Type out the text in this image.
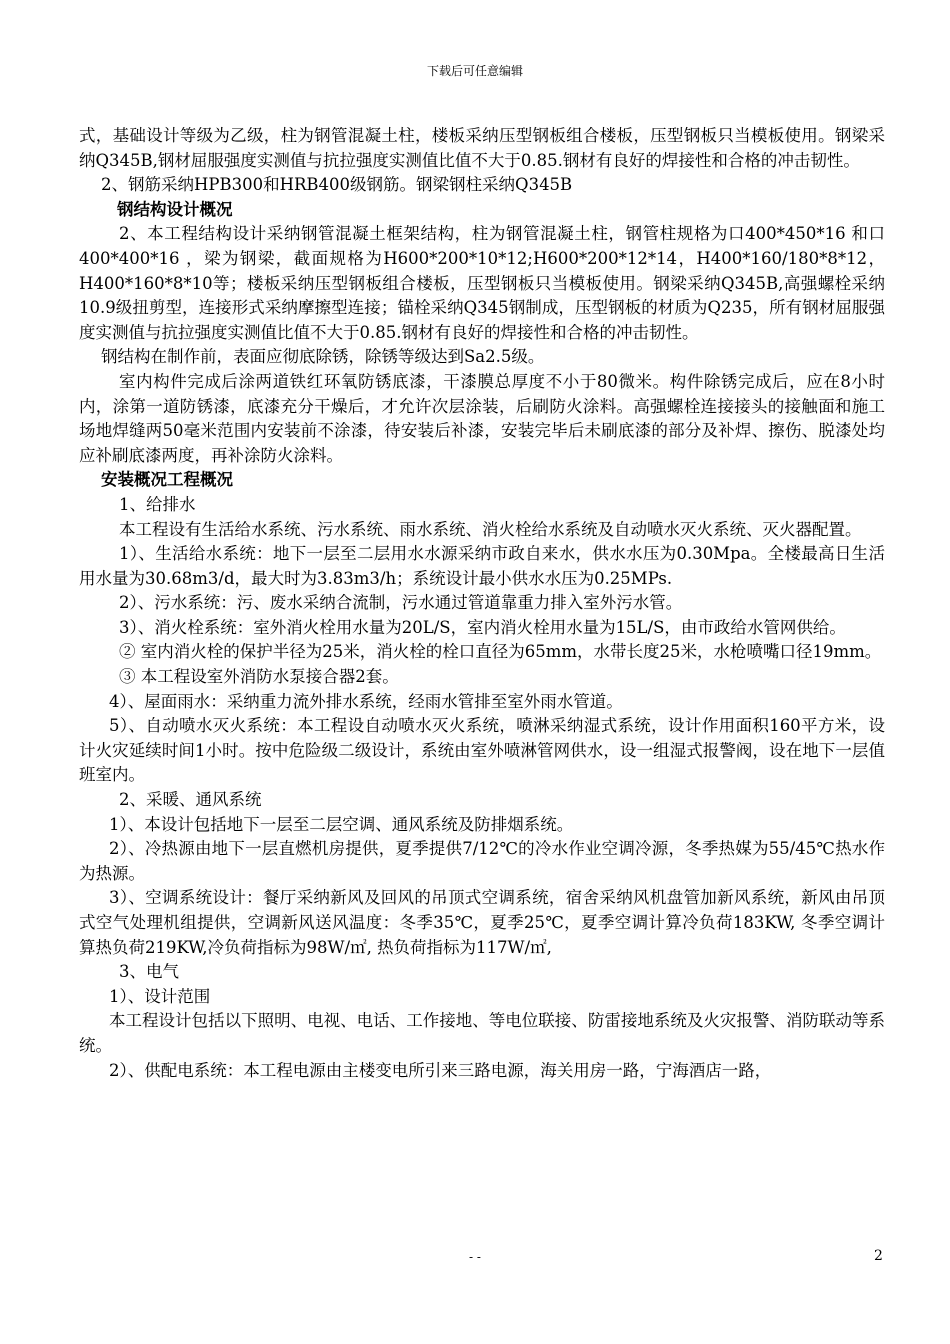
下载后可任意编辑

式，基础设计等级为乙级，柱为钢管混凝土柱，楼板采纳压型钢板组合楼板，压型钢板只当模板使用。钢梁采纳Q345B,钢材屈服强度实测值与抗拉强度实测值比值不大于0.85.钢材有良好的焊接性和合格的冲击韧性。

2、钢筋采纳HPB300和HRB400级钢筋。钢梁钢柱采纳Q345B

钢结构设计概况

2、本工程结构设计采纳钢管混凝土框架结构，柱为钢管混凝土柱，钢管柱规格为口400*450*16 和口 400*400*16 ，梁为钢梁，截面规格为H600*200*10*12;H600*200*12*14，H400*160/180*8*12，H400*160*8*10等；楼板采纳压型钢板组合楼板，压型钢板只当模板使用。钢梁采纳Q345B,高强螺栓采纳10.9级扭剪型，连接形式采纳摩擦型连接；锚栓采纳Q345钢制成，压型钢板的材质为Q235，所有钢材屈服强度实测值与抗拉强度实测值比值不大于0.85.钢材有良好的焊接性和合格的冲击韧性。

钢结构在制作前，表面应彻底除锈，除锈等级达到Sa2.5级。

室内构件完成后涂两道铁红环氧防锈底漆，干漆膜总厚度不小于80微米。构件除锈完成后，应在8小时内，涂第一道防锈漆，底漆充分干燥后，才允许次层涂装，后刷防火涂料。高强螺栓连接接头的接触面和施工场地焊缝两50毫米范围内安装前不涂漆，待安装后补漆，安装完毕后未刷底漆的部分及补焊、擦伤、脱漆处均应补刷底漆两度，再补涂防火涂料。

安装概况工程概况

1、给排水

本工程设有生活给水系统、污水系统、雨水系统、消火栓给水系统及自动喷水灭火系统、灭火器配置。

1）、生活给水系统：地下一层至二层用水水源采纳市政自来水，供水水压为0.30Mpa。全楼最高日生活用水量为30.68m3/d，最大时为3.83m3/h；系统设计最小供水水压为0.25MPs.

2）、污水系统：污、废水采纳合流制，污水通过管道靠重力排入室外污水管。

3）、消火栓系统：室外消火栓用水量为20L/S，室内消火栓用水量为15L/S，由市政给水管网供给。

② 室内消火栓的保护半径为25米，消火栓的栓口直径为65mm，水带长度25米，水枪喷嘴口径19mm。

③ 本工程设室外消防水泵接合器2套。

4）、屋面雨水：采纳重力流外排水系统，经雨水管排至室外雨水管道。

5）、自动喷水灭火系统：本工程设自动喷水灭火系统，喷淋采纳湿式系统，设计作用面积160平方米，设计火灾延续时间1小时。按中危险级二级设计，系统由室外喷淋管网供水，设一组湿式报警阀，设在地下一层值班室内。

2、采暖、通风系统

1）、本设计包括地下一层至二层空调、通风系统及防排烟系统。

2）、冷热源由地下一层直燃机房提供，夏季提供7/12℃的冷水作业空调冷源，冬季热媒为55/45℃热水作为热源。

3）、空调系统设计：餐厅采纳新风及回风的吊顶式空调系统，宿舍采纳风机盘管加新风系统，新风由吊顶式空气处理机组提供，空调新风送风温度：冬季35℃，夏季25℃，夏季空调计算冷负荷183KW, 冬季空调计算热负荷219KW,冷负荷指标为98W/㎡, 热负荷指标为117W/㎡,

3、电气

1）、设计范围

本工程设计包括以下照明、电视、电话、工作接地、等电位联接、防雷接地系统及火灾报警、消防联动等系统。

2）、供配电系统：本工程电源由主楼变电所引来三路电源，海关用房一路，宁海酒店一路，

- -	2
